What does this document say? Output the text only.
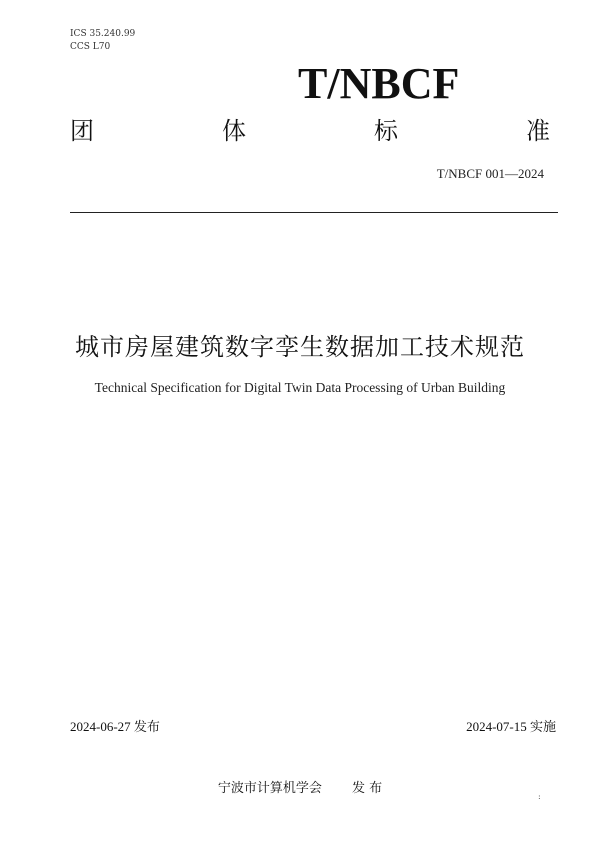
ICS 35.240.99
CCS L70
T/NBCF
团	体	标	准
T/NBCF 001—2024
城市房屋建筑数字孪生数据加工技术规范
Technical Specification for Digital Twin Data Processing of Urban Building
2024-06-27 发布	2024-07-15 实施
宁波市计算机学会 发 布
:
